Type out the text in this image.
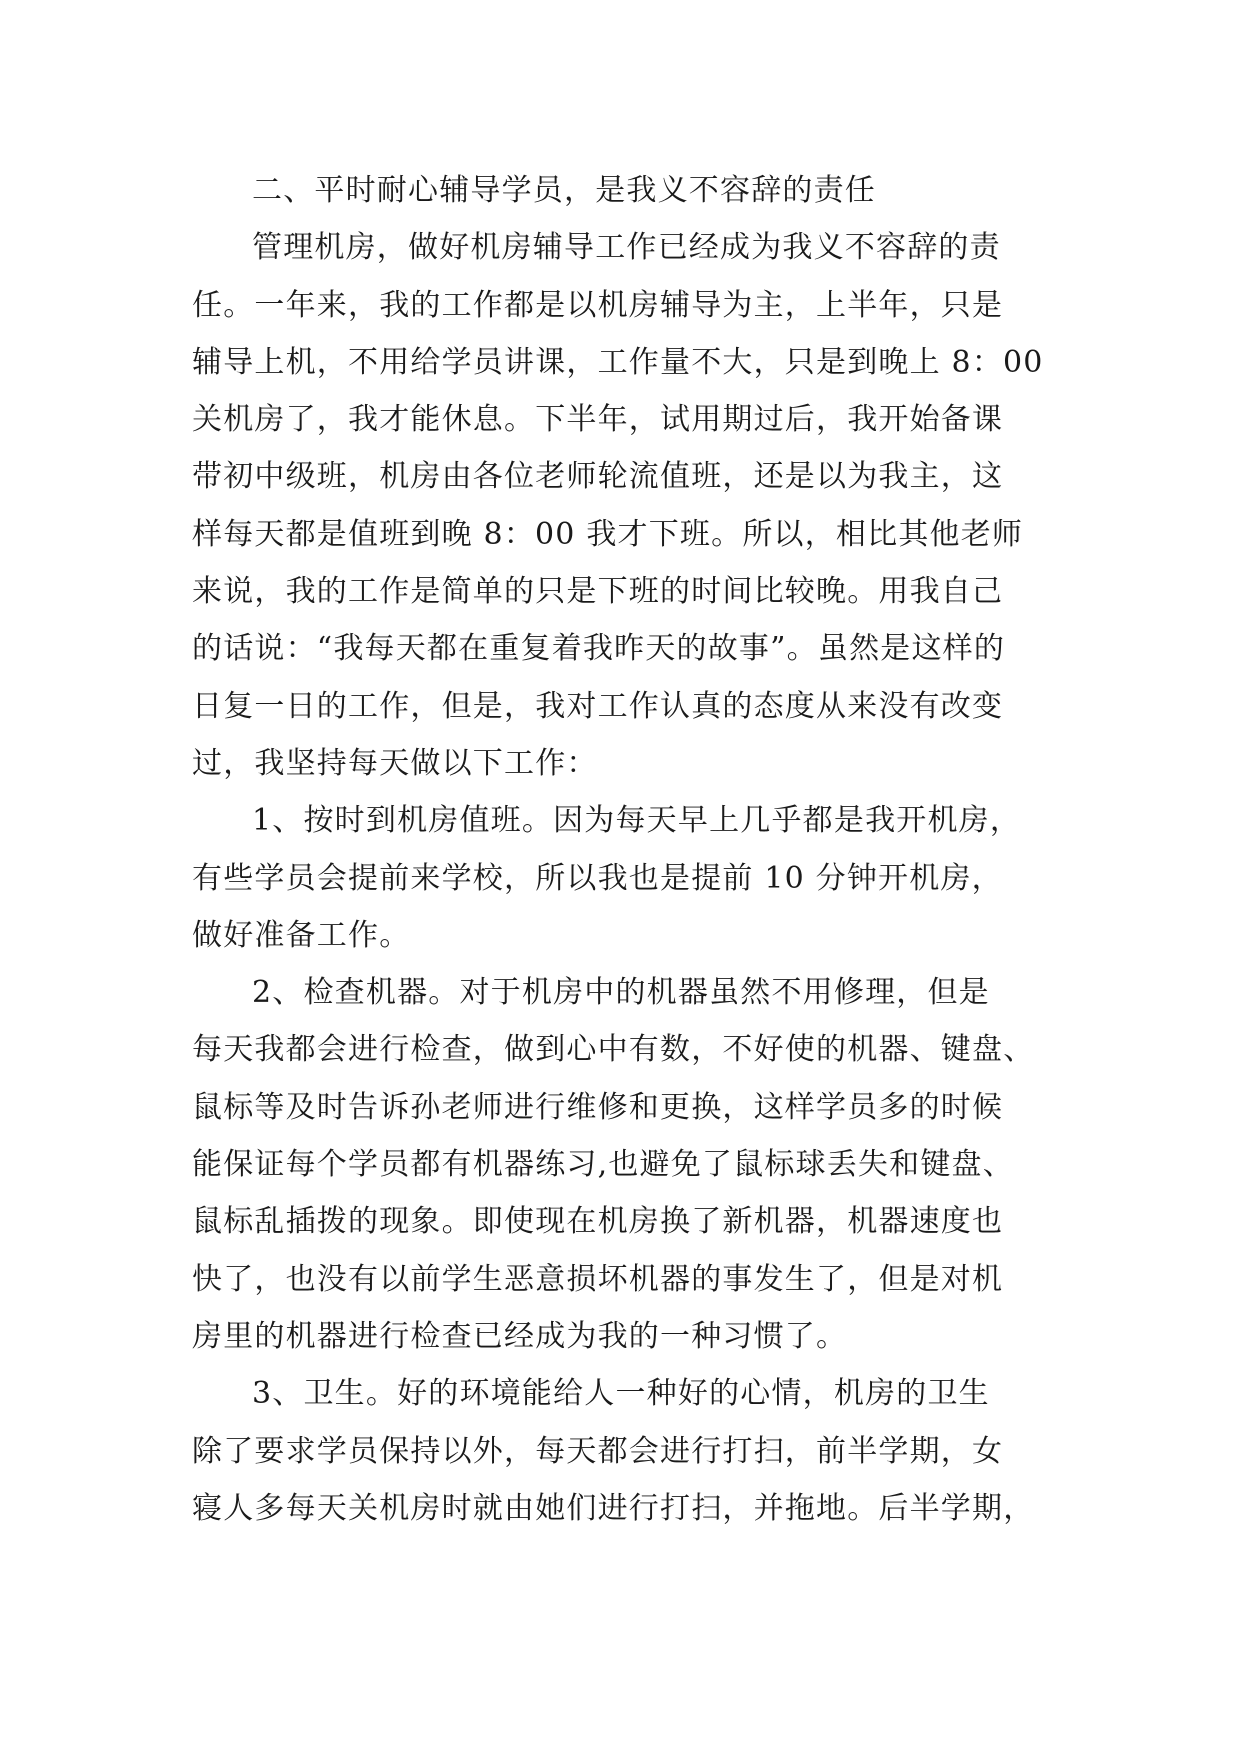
二、平时耐心辅导学员，是我义不容辞的责任
管理机房，做好机房辅导工作已经成为我义不容辞的责
任。一年来，我的工作都是以机房辅导为主，上半年，只是
辅导上机，不用给学员讲课，工作量不大，只是到晚上 8：00
关机房了，我才能休息。下半年，试用期过后，我开始备课
带初中级班，机房由各位老师轮流值班，还是以为我主，这
样每天都是值班到晚 8：00 我才下班。所以，相比其他老师
来说，我的工作是简单的只是下班的时间比较晚。用我自己
的话说：“我每天都在重复着我昨天的故事”。虽然是这样的
日复一日的工作，但是，我对工作认真的态度从来没有改变
过，我坚持每天做以下工作：
1、按时到机房值班。因为每天早上几乎都是我开机房，
有些学员会提前来学校，所以我也是提前 10 分钟开机房，
做好准备工作。
2、检查机器。对于机房中的机器虽然不用修理，但是
每天我都会进行检查，做到心中有数，不好使的机器、键盘、
鼠标等及时告诉孙老师进行维修和更换，这样学员多的时候
能保证每个学员都有机器练习,也避免了鼠标球丢失和键盘、
鼠标乱插拨的现象。即使现在机房换了新机器，机器速度也
快了，也没有以前学生恶意损坏机器的事发生了，但是对机
房里的机器进行检查已经成为我的一种习惯了。
3、卫生。好的环境能给人一种好的心情，机房的卫生
除了要求学员保持以外，每天都会进行打扫，前半学期，女
寝人多每天关机房时就由她们进行打扫，并拖地。后半学期，
